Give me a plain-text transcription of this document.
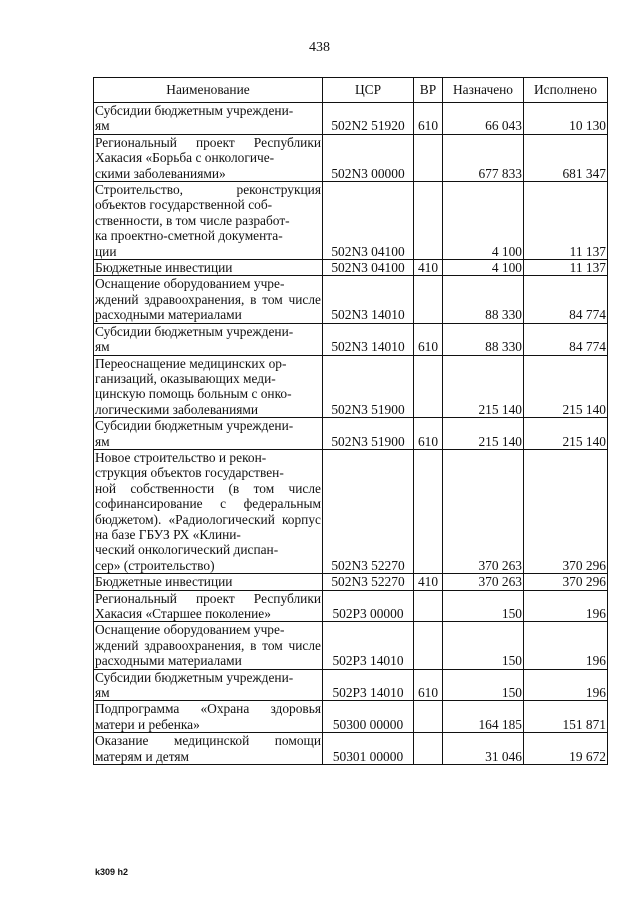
438
Наименование	ЦСР	ВР	Назначено	Исполнено
Субсидии бюджетным учреждени-
ям	502N2 51920	610	66 043	10 130
Региональный проект Республики Хакасия «Борьба с онкологиче-
скими заболеваниями»	502N3 00000		677 833	681 347
Строительство, реконструкция объектов государственной соб-
ственности, в том числе разработ-
ка проектно-сметной документа-
ции	502N3 04100		4 100	11 137
Бюджетные инвестиции	502N3 04100	410	4 100	11 137
Оснащение оборудованием учре-
ждений здравоохранения, в том числе расходными материалами	502N3 14010		88 330	84 774
Субсидии бюджетным учреждени-
ям	502N3 14010	610	88 330	84 774
Переоснащение медицинских ор-
ганизаций, оказывающих меди-
цинскую помощь больным с онко-
логическими заболеваниями	502N3 51900		215 140	215 140
Субсидии бюджетным учреждени-
ям	502N3 51900	610	215 140	215 140
Новое строительство и рекон-
струкция объектов государствен-
ной собственности (в том числе софинансирование с федеральным бюджетом). «Радиологический корпус на базе ГБУЗ РХ «Клини-
ческий онкологический диспан-
сер» (строительство)	502N3 52270		370 263	370 296
Бюджетные инвестиции	502N3 52270	410	370 263	370 296
Региональный проект Республики Хакасия «Старшее поколение»	502P3 00000		150	196
Оснащение оборудованием учре-
ждений здравоохранения, в том числе расходными материалами	502P3 14010		150	196
Субсидии бюджетным учреждени-
ям	502P3 14010	610	150	196
Подпрограмма «Охрана здоровья матери и ребенка»	50300 00000		164 185	151 871
Оказание медицинской помощи матерям и детям	50301 00000		31 046	19 672
k309 h2
